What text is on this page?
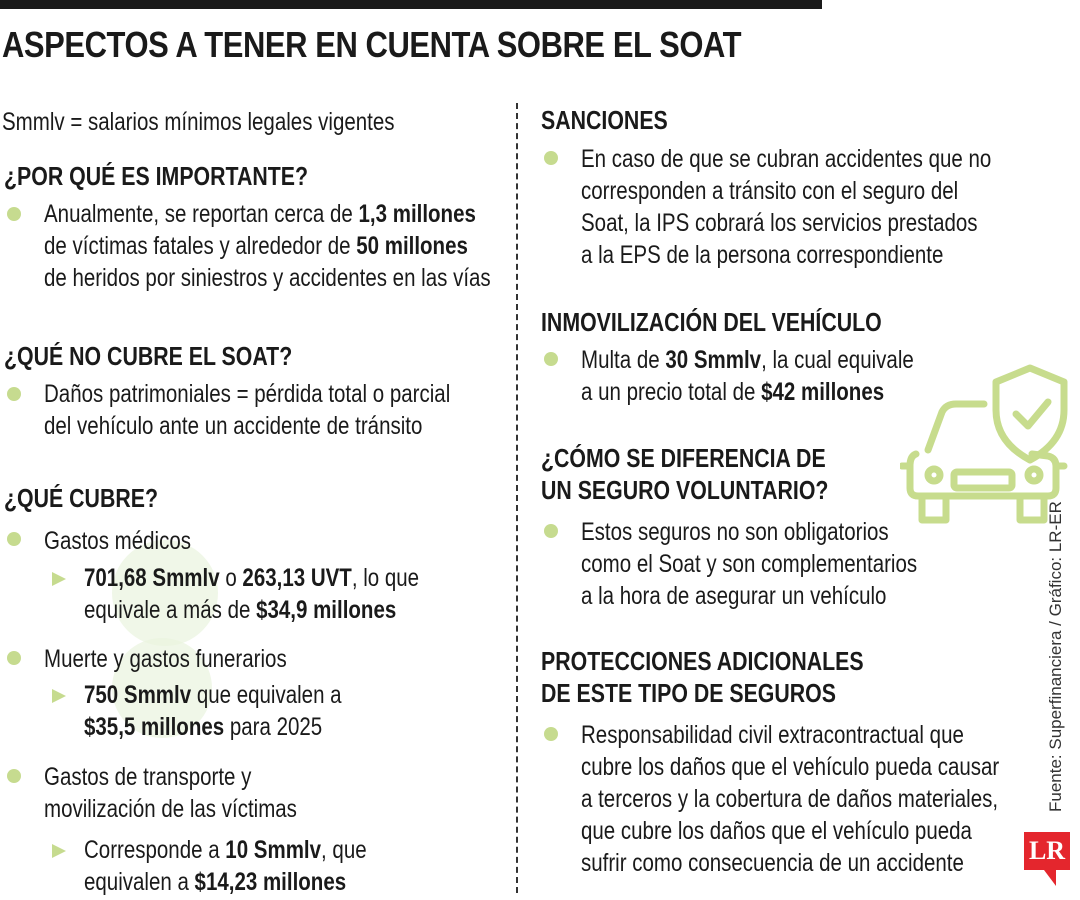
ASPECTOS A TENER EN CUENTA SOBRE EL SOAT
Smmlv = salarios mínimos legales vigentes
¿POR QUÉ ES IMPORTANTE?
Anualmente, se reportan cerca de 1,3 millones
de víctimas fatales y alrededor de 50 millones
de heridos por siniestros y accidentes en las vías
¿QUÉ NO CUBRE EL SOAT?
Daños patrimoniales = pérdida total o parcial
del vehículo ante un accidente de tránsito
¿QUÉ CUBRE?
Gastos médicos
701,68 Smmlv o 263,13 UVT, lo que
equivale a más de $34,9 millones
Muerte y gastos funerarios
750 Smmlv que equivalen a
$35,5 millones para 2025
Gastos de transporte y
movilización de las víctimas
Corresponde a 10 Smmlv, que
equivalen a $14,23 millones
SANCIONES
En caso de que se cubran accidentes que no
corresponden a tránsito con el seguro del
Soat, la IPS cobrará los servicios prestados
a la EPS de la persona correspondiente
INMOVILIZACIÓN DEL VEHÍCULO
Multa de 30 Smmlv, la cual equivale
a un precio total de $42 millones
¿CÓMO SE DIFERENCIA DE
UN SEGURO VOLUNTARIO?
Estos seguros no son obligatorios
como el Soat y son complementarios
a la hora de asegurar un vehículo
PROTECCIONES ADICIONALES
DE ESTE TIPO DE SEGUROS
Responsabilidad civil extracontractual que
cubre los daños que el vehículo pueda causar
a terceros y la cobertura de daños materiales,
que cubre los daños que el vehículo pueda
sufrir como consecuencia de un accidente
Fuente: Superfinanciera / Gráfico: LR-ER
LR
